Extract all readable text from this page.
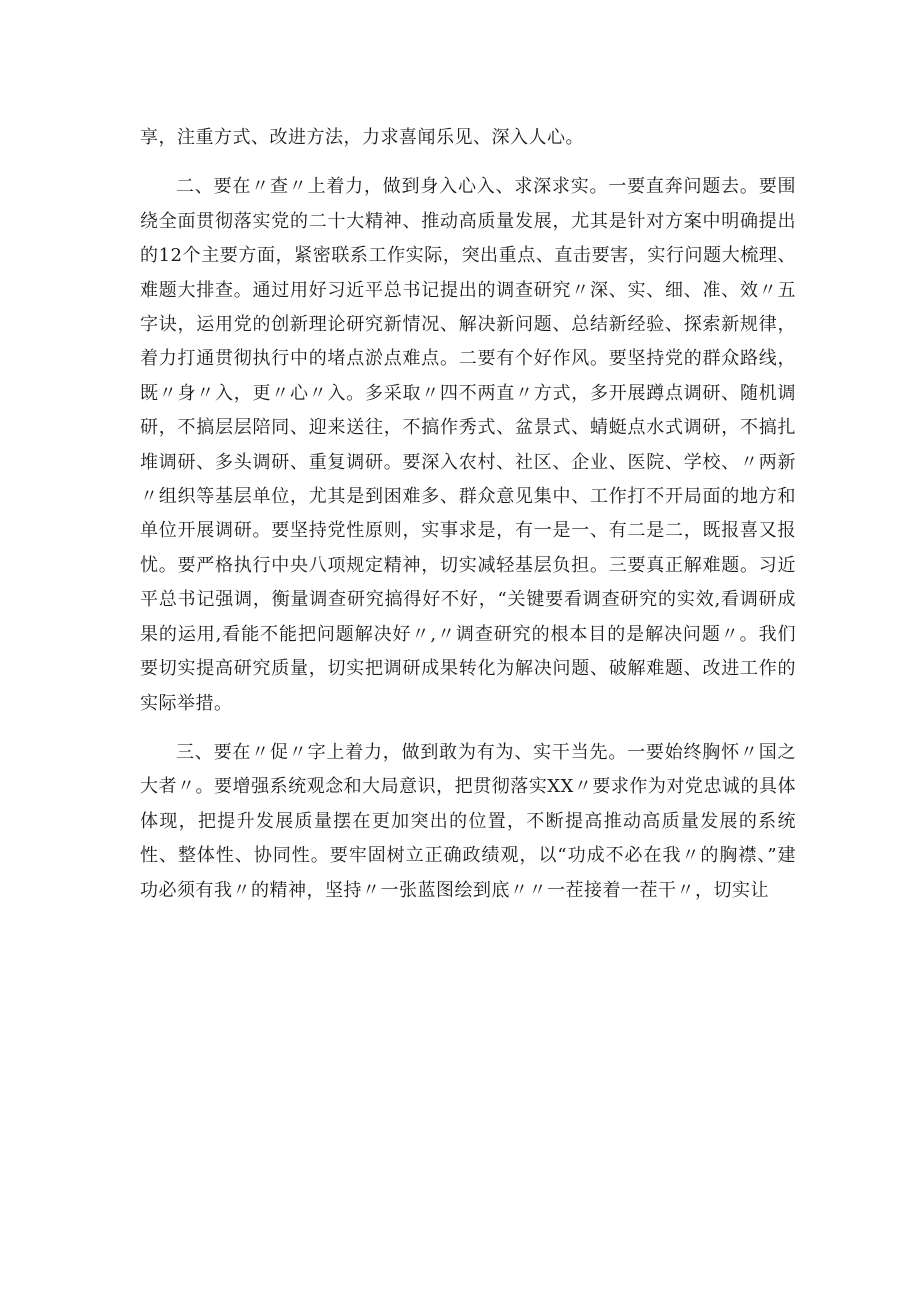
享，注重方式、改进方法，力求喜闻乐见、深入人心。

二、要在〃查〃上着力，做到身入心入、求深求实。一要直奔问题去。要围绕全面贯彻落实党的二十大精神、推动高质量发展，尤其是针对方案中明确提出的12个主要方面，紧密联系工作实际，突出重点、直击要害，实行问题大梳理、难题大排查。通过用好习近平总书记提出的调查研究〃深、实、细、准、效〃五字诀，运用党的创新理论研究新情况、解决新问题、总结新经验、探索新规律，着力打通贯彻执行中的堵点淤点难点。二要有个好作风。要坚持党的群众路线，既〃身〃入，更〃心〃入。多采取〃四不两直〃方式，多开展蹲点调研、随机调研，不搞层层陪同、迎来送往，不搞作秀式、盆景式、蜻蜓点水式调研，不搞扎堆调研、多头调研、重复调研。要深入农村、社区、企业、医院、学校、〃两新〃组织等基层单位，尤其是到困难多、群众意见集中、工作打不开局面的地方和单位开展调研。要坚持党性原则，实事求是，有一是一、有二是二，既报喜又报忧。要严格执行中央八项规定精神，切实减轻基层负担。三要真正解难题。习近平总书记强调，衡量调查研究搞得好不好，“关键要看调查研究的实效,看调研成果的运用,看能不能把问题解决好〃,〃调查研究的根本目的是解决问题〃。我们要切实提高研究质量，切实把调研成果转化为解决问题、破解难题、改进工作的实际举措。

三、要在〃促〃字上着力，做到敢为有为、实干当先。一要始终胸怀〃国之大者〃。要增强系统观念和大局意识，把贯彻落实XX〃要求作为对党忠诚的具体体现，把提升发展质量摆在更加突出的位置，不断提高推动高质量发展的系统性、整体性、协同性。要牢固树立正确政绩观，以“功成不必在我〃的胸襟、”建功必须有我〃的精神，坚持〃一张蓝图绘到底〃〃一茬接着一茬干〃，切实让
